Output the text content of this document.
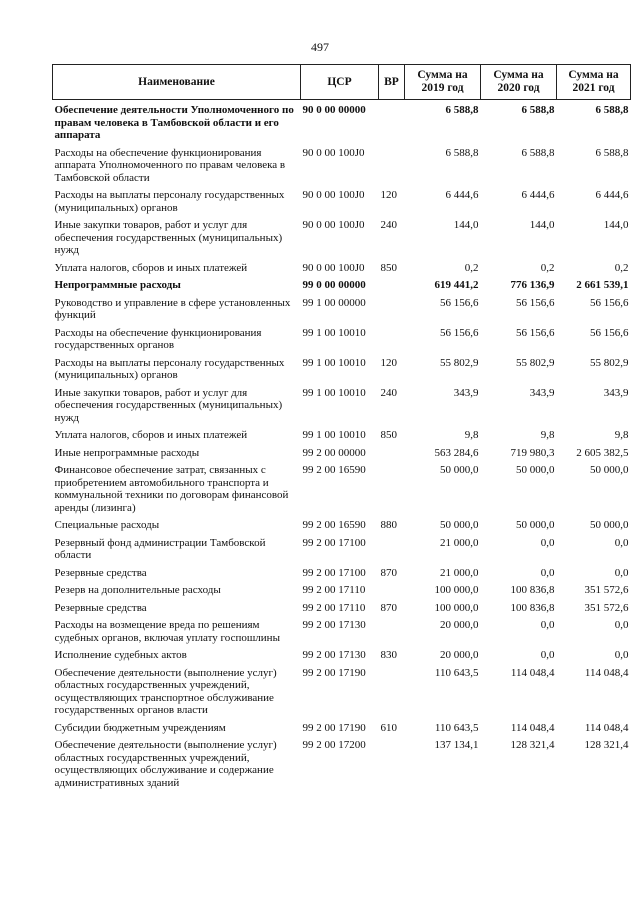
497
Наименование	ЦСР	ВР	Сумма на 2019 год	Сумма на 2020 год	Сумма на 2021 год
Обеспечение деятельности Уполномоченного по правам человека в Тамбовской области и его аппарата	90 0 00 00000		6 588,8	6 588,8	6 588,8
Расходы на обеспечение функционирования аппарата Уполномоченного по правам человека в Тамбовской области	90 0 00 100J0		6 588,8	6 588,8	6 588,8
Расходы на выплаты персоналу государственных (муниципальных) органов	90 0 00 100J0	120	6 444,6	6 444,6	6 444,6
Иные закупки товаров, работ и услуг для обеспечения государственных (муниципальных) нужд	90 0 00 100J0	240	144,0	144,0	144,0
Уплата налогов, сборов и иных платежей	90 0 00 100J0	850	0,2	0,2	0,2
Непрограммные расходы	99 0 00 00000		619 441,2	776 136,9	2 661 539,1
Руководство и управление в сфере установленных функций	99 1 00 00000		56 156,6	56 156,6	56 156,6
Расходы на обеспечение функционирования государственных органов	99 1 00 10010		56 156,6	56 156,6	56 156,6
Расходы на выплаты персоналу государственных (муниципальных) органов	99 1 00 10010	120	55 802,9	55 802,9	55 802,9
Иные закупки товаров, работ и услуг для обеспечения государственных (муниципальных) нужд	99 1 00 10010	240	343,9	343,9	343,9
Уплата налогов, сборов и иных платежей	99 1 00 10010	850	9,8	9,8	9,8
Иные непрограммные расходы	99 2 00 00000		563 284,6	719 980,3	2 605 382,5
Финансовое обеспечение затрат, связанных с приобретением автомобильного транспорта и коммунальной техники по договорам финансовой аренды (лизинга)	99 2 00 16590		50 000,0	50 000,0	50 000,0
Специальные расходы	99 2 00 16590	880	50 000,0	50 000,0	50 000,0
Резервный фонд администрации Тамбовской области	99 2 00 17100		21 000,0	0,0	0,0
Резервные средства	99 2 00 17100	870	21 000,0	0,0	0,0
Резерв на дополнительные расходы	99 2 00 17110		100 000,0	100 836,8	351 572,6
Резервные средства	99 2 00 17110	870	100 000,0	100 836,8	351 572,6
Расходы на возмещение вреда по решениям судебных органов, включая уплату госпошлины	99 2 00 17130		20 000,0	0,0	0,0
Исполнение судебных актов	99 2 00 17130	830	20 000,0	0,0	0,0
Обеспечение деятельности (выполнение услуг) областных государственных учреждений, осуществляющих транспортное обслуживание государственных органов власти	99 2 00 17190		110 643,5	114 048,4	114 048,4
Субсидии бюджетным учреждениям	99 2 00 17190	610	110 643,5	114 048,4	114 048,4
Обеспечение деятельности (выполнение услуг) областных государственных учреждений, осуществляющих обслуживание и содержание административных зданий	99 2 00 17200		137 134,1	128 321,4	128 321,4
